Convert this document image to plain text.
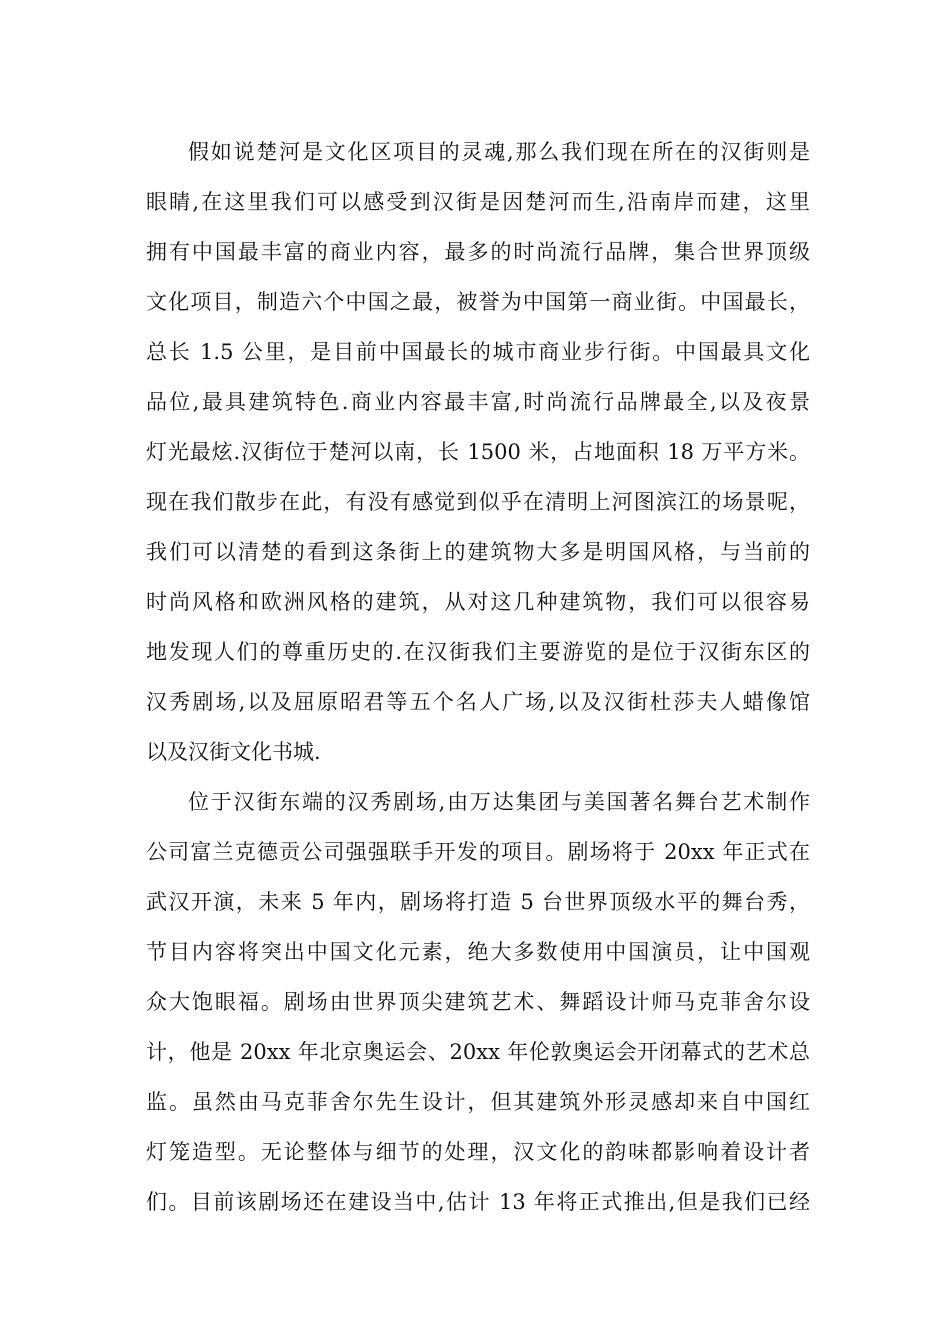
假如说楚河是文化区项目的灵魂,那么我们现在所在的汉街则是
眼睛,在这里我们可以感受到汉街是因楚河而生,沿南岸而建，这里
拥有中国最丰富的商业内容，最多的时尚流行品牌，集合世界顶级
文化项目，制造六个中国之最，被誉为中国第一商业街。中国最长，
总长 1.5 公里，是目前中国最长的城市商业步行街。中国最具文化
品位,最具建筑特色.商业内容最丰富,时尚流行品牌最全,以及夜景
灯光最炫.汉街位于楚河以南，长 1500 米，占地面积 18 万平方米。
现在我们散步在此，有没有感觉到似乎在清明上河图滨江的场景呢，
我们可以清楚的看到这条街上的建筑物大多是明国风格，与当前的
时尚风格和欧洲风格的建筑，从对这几种建筑物，我们可以很容易
地发现人们的尊重历史的.在汉街我们主要游览的是位于汉街东区的
汉秀剧场,以及屈原昭君等五个名人广场,以及汉街杜莎夫人蜡像馆
以及汉街文化书城.
位于汉街东端的汉秀剧场,由万达集团与美国著名舞台艺术制作
公司富兰克德贡公司强强联手开发的项目。剧场将于 20xx 年正式在
武汉开演，未来 5 年内，剧场将打造 5 台世界顶级水平的舞台秀，
节目内容将突出中国文化元素，绝大多数使用中国演员，让中国观
众大饱眼福。剧场由世界顶尖建筑艺术、舞蹈设计师马克菲舍尔设
计，他是 20xx 年北京奥运会、20xx 年伦敦奥运会开闭幕式的艺术总
监。虽然由马克菲舍尔先生设计，但其建筑外形灵感却来自中国红
灯笼造型。无论整体与细节的处理，汉文化的韵味都影响着设计者
们。目前该剧场还在建设当中,估计 13 年将正式推出,但是我们已经
